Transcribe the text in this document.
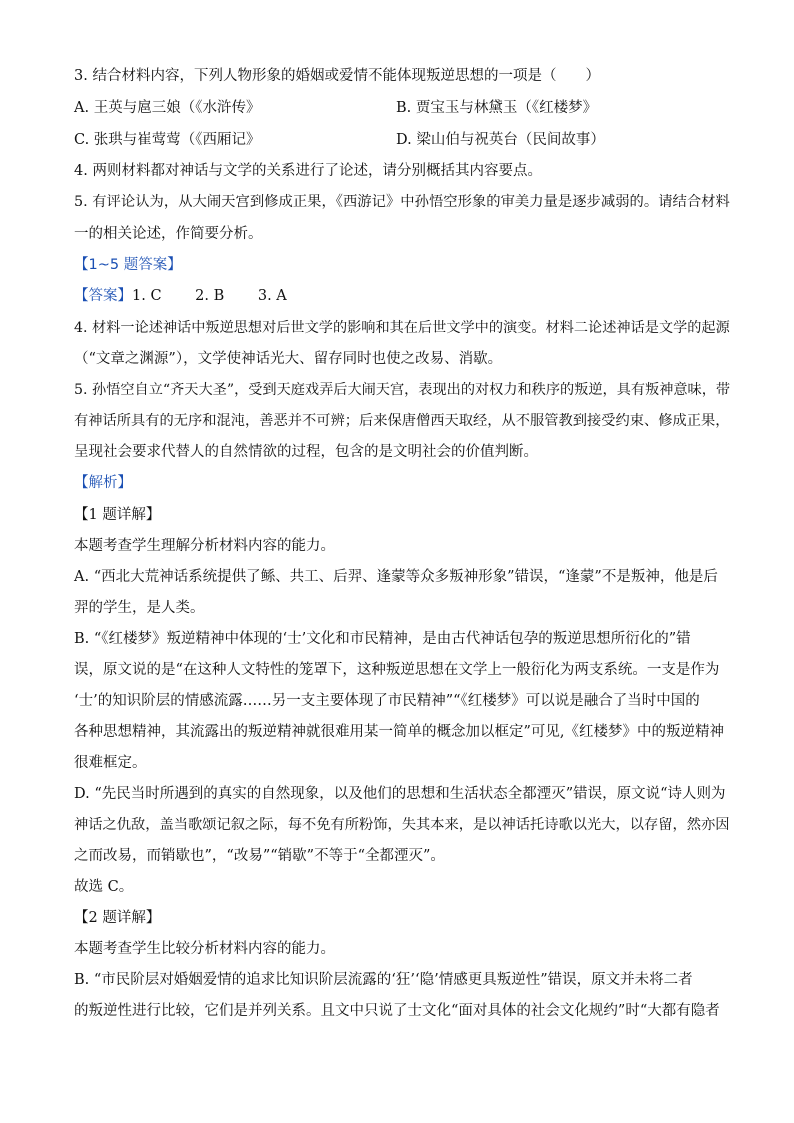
3. 结合材料内容，下列人物形象的婚姻或爱情不能体现叛逆思想的一项是（　　）
A. 王英与扈三娘（《水浒传》	B. 贾宝玉与林黛玉（《红楼梦》
C. 张珙与崔莺莺（《西厢记》	D. 梁山伯与祝英台（民间故事）
4. 两则材料都对神话与文学的关系进行了论述，请分别概括其内容要点。
5. 有评论认为，从大闹天宫到修成正果，《西游记》中孙悟空形象的审美力量是逐步减弱的。请结合材料
一的相关论述，作简要分析。
【1~5 题答案】
【答案】1. C　  2. B　  3. A
4. 材料一论述神话中叛逆思想对后世文学的影响和其在后世文学中的演变。材料二论述神话是文学的起源
（“文章之渊源”），文学使神话光大、留存同时也使之改易、消歇。
5. 孙悟空自立“齐天大圣”，受到天庭戏弄后大闹天宫，表现出的对权力和秩序的叛逆，具有叛神意味，带
有神话所具有的无序和混沌，善恶并不可辨；后来保唐僧西天取经，从不服管教到接受约束、修成正果，
呈现社会要求代替人的自然情欲的过程，包含的是文明社会的价值判断。
【解析】
【1 题详解】
本题考查学生理解分析材料内容的能力。
A. “西北大荒神话系统提供了鲧、共工、后羿、逢蒙等众多叛神形象”错误，“逢蒙”不是叛神，他是后
羿的学生，是人类。
B. “《红楼梦》叛逆精神中体现的‘士’文化和市民精神，是由古代神话包孕的叛逆思想所衍化的”错
误，原文说的是“在这种人文特性的笼罩下，这种叛逆思想在文学上一般衍化为两支系统。一支是作为
‘士’的知识阶层的情感流露……另一支主要体现了市民精神”“《红楼梦》可以说是融合了当时中国的
各种思想精神，其流露出的叛逆精神就很难用某一简单的概念加以框定”可见,《红楼梦》中的叛逆精神
很难框定。
D. “先民当时所遇到的真实的自然现象，以及他们的思想和生活状态全都湮灭”错误，原文说“诗人则为
神话之仇敌，盖当歌颂记叙之际，每不免有所粉饰，失其本来，是以神话托诗歌以光大，以存留，然亦因
之而改易，而销歇也”，“改易”“销歇”不等于“全都湮灭”。
故选 C。
【2 题详解】
本题考查学生比较分析材料内容的能力。
B. “市民阶层对婚姻爱情的追求比知识阶层流露的‘狂’‘隐’情感更具叛逆性”错误，原文并未将二者
的叛逆性进行比较，它们是并列关系。且文中只说了士文化“面对具体的社会文化规约”时“大都有隐者
